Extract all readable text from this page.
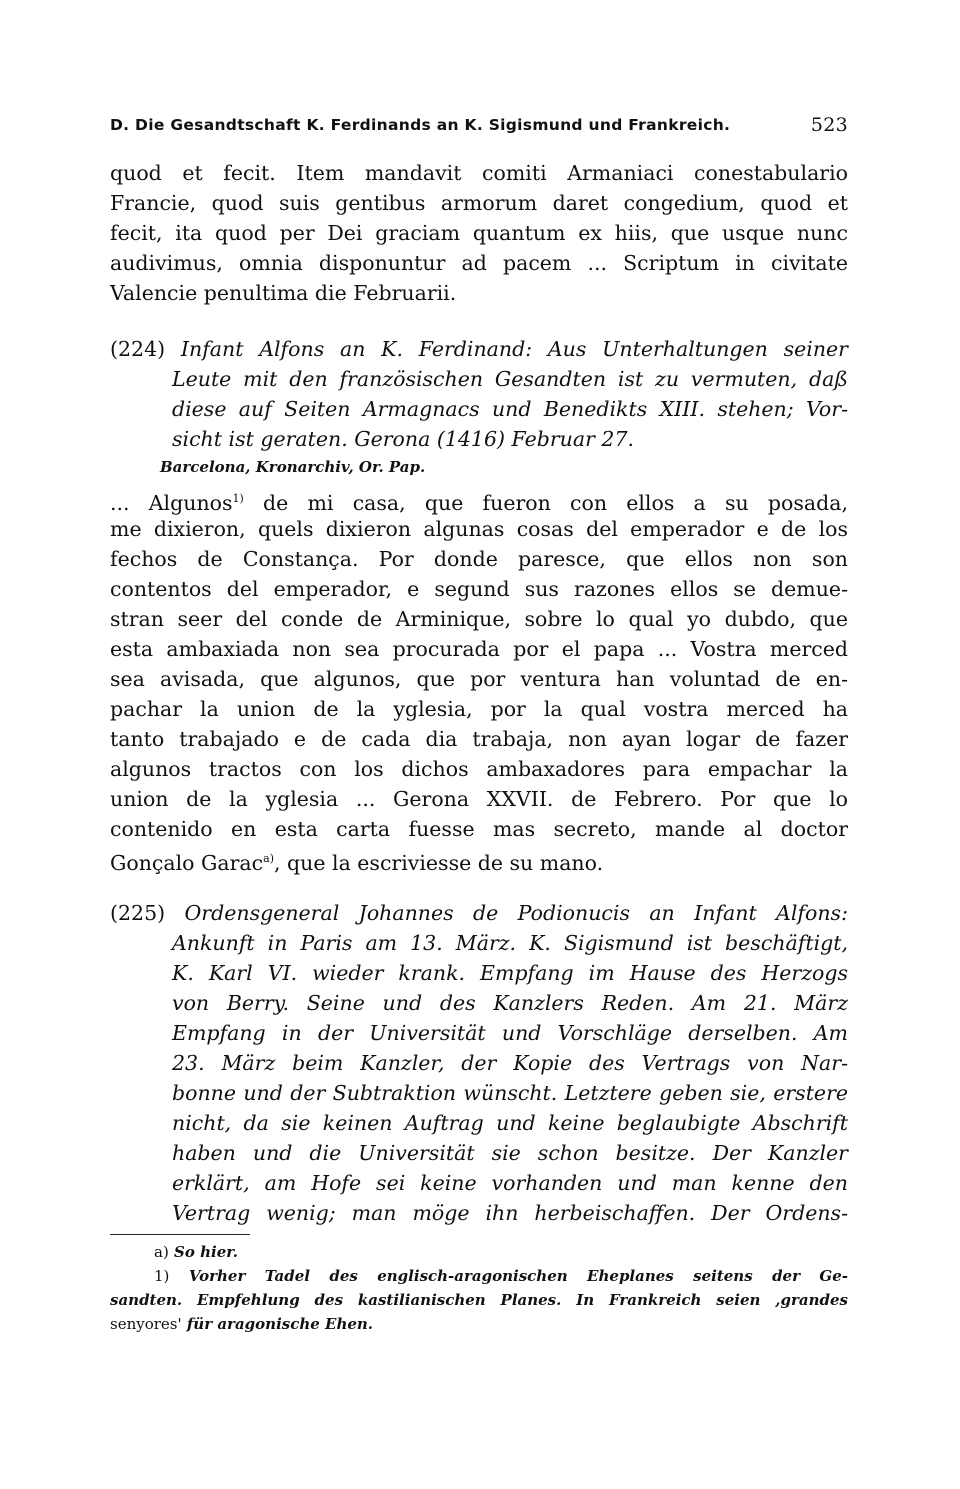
D. Die Gesandtschaft K. Ferdinands an K. Sigismund und Frankreich.	523
quod et fecit. Item mandavit comiti Armaniaci conestabulario
Francie, quod suis gentibus armorum daret congedium, quod et
fecit, ita quod per Dei graciam quantum ex hiis, que usque nunc
audivimus, omnia disponuntur ad pacem ... Scriptum in civitate
Valencie penultima die Februarii.
(224) Infant Alfons an K. Ferdinand: Aus Unterhaltungen seiner
Leute mit den französischen Gesandten ist zu vermuten, daß
diese auf Seiten Armagnacs und Benedikts XIII. stehen; Vor-
sicht ist geraten. Gerona (1416) Februar 27.
Barcelona, Kronarchiv, Or. Pap.
... Algunos$^{1)}$ de mi casa, que fueron con ellos a su posada,
me dixieron, quels dixieron algunas cosas del emperador e de los
fechos de Constança. Por donde paresce, que ellos non son
contentos del emperador, e segund sus razones ellos se demue-
stran seer del conde de Arminique, sobre lo qual yo dubdo, que
esta ambaxiada non sea procurada por el papa ... Vostra merced
sea avisada, que algunos, que por ventura han voluntad de en-
pachar la union de la yglesia, por la qual vostra merced ha
tanto trabajado e de cada dia trabaja, non ayan logar de fazer
algunos tractos con los dichos ambaxadores para empachar la
union de la yglesia ... Gerona XXVII. de Febrero. Por que lo
contenido en esta carta fuesse mas secreto, mande al doctor
Gonçalo Garac$^{a)}$, que la escriviesse de su mano.
(225) Ordensgeneral Johannes de Podionucis an Infant Alfons:
Ankunft in Paris am 13. März. K. Sigismund ist beschäftigt,
K. Karl VI. wieder krank. Empfang im Hause des Herzogs
von Berry. Seine und des Kanzlers Reden. Am 21. März
Empfang in der Universität und Vorschläge derselben. Am
23. März beim Kanzler, der Kopie des Vertrags von Nar-
bonne und der Subtraktion wünscht. Letztere geben sie, erstere
nicht, da sie keinen Auftrag und keine beglaubigte Abschrift
haben und die Universität sie schon besitze. Der Kanzler
erklärt, am Hofe sei keine vorhanden und man kenne den
Vertrag wenig; man möge ihn herbeischaffen. Der Ordens-
a) So hier.
1) Vorher Tadel des englisch-aragonischen Eheplanes seitens der Ge-
sandten. Empfehlung des kastilianischen Planes. In Frankreich seien ,grandes
senyores' für aragonische Ehen.
